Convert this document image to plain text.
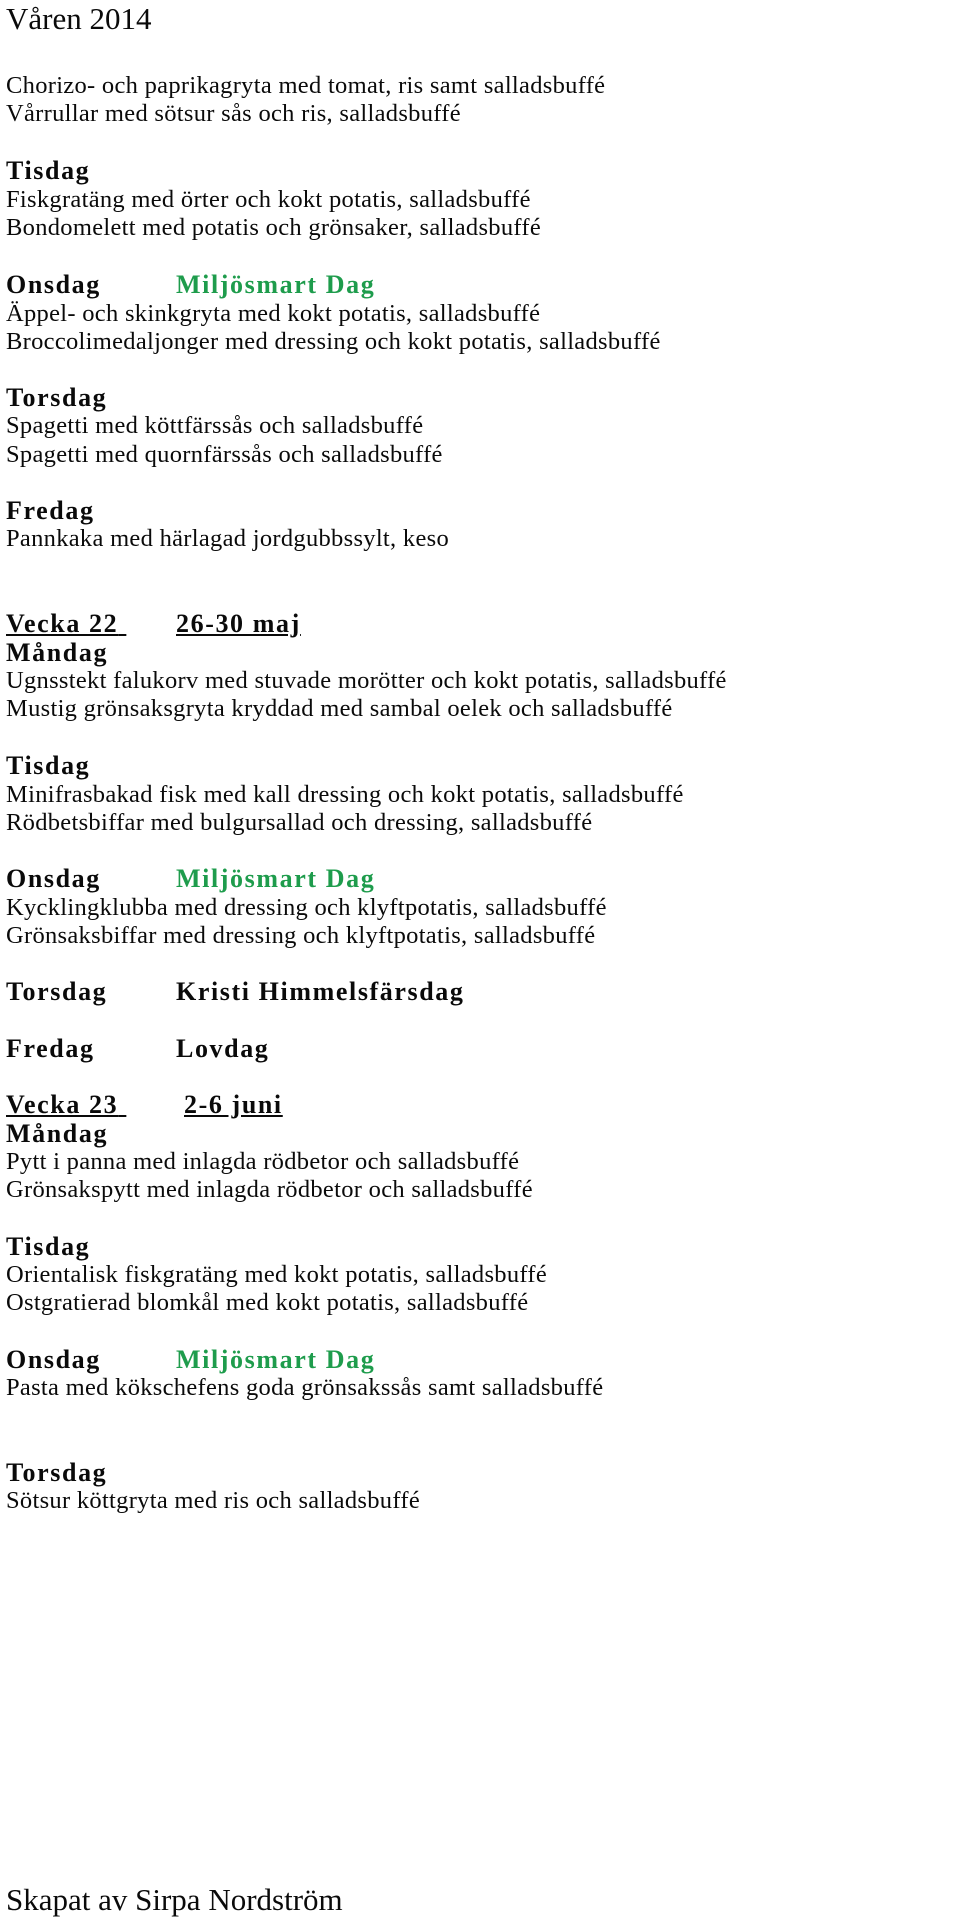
Våren 2014
Chorizo- och paprikagryta med tomat, ris samt salladsbuffé
Vårrullar med sötsur sås och ris, salladsbuffé
Tisdag
Fiskgratäng med örter och kokt potatis, salladsbuffé
Bondomelett med potatis och grönsaker, salladsbuffé
Onsdag	Miljösmart Dag
Äppel- och skinkgryta med kokt potatis, salladsbuffé
Broccolimedaljonger med dressing och kokt potatis, salladsbuffé
Torsdag
Spagetti med köttfärssås och salladsbuffé
Spagetti med quornfärssås och salladsbuffé
Fredag
Pannkaka med härlagad jordgubbssylt, keso
Vecka 22 26-30 maj
Måndag
Ugnsstekt falukorv med stuvade morötter och kokt potatis, salladsbuffé
Mustig grönsaksgryta kryddad med sambal oelek och salladsbuffé
Tisdag
Minifrasbakad fisk med kall dressing och kokt potatis, salladsbuffé
Rödbetsbiffar med bulgursallad och dressing, salladsbuffé
Onsdag	Miljösmart Dag
Kycklingklubba med dressing och klyftpotatis, salladsbuffé
Grönsaksbiffar med dressing och klyftpotatis, salladsbuffé
Torsdag	Kristi Himmelsfärsdag
Fredag	Lovdag
Vecka 23	2-6 juni
Måndag
Pytt i panna med inlagda rödbetor och salladsbuffé
Grönsakspytt med inlagda rödbetor och salladsbuffé
Tisdag
Orientalisk fiskgratäng med kokt potatis, salladsbuffé
Ostgratierad blomkål med kokt potatis, salladsbuffé
Onsdag	Miljösmart Dag
Pasta med kökschefens goda grönsakssås samt salladsbuffé
Torsdag
Sötsur köttgryta med ris och salladsbuffé
Skapat av Sirpa Nordström
